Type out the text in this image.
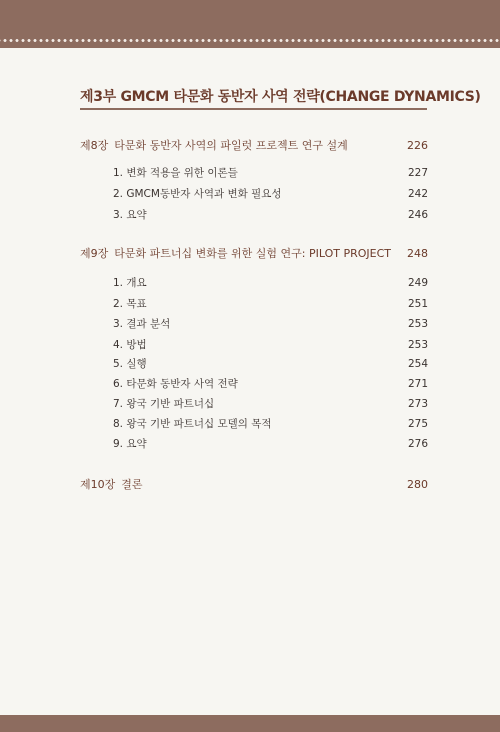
제3부 GMCM 타문화 동반자 사역 전략(CHANGE DYNAMICS)
제8장 타문화 동반자 사역의 파일럿 프로젝트 연구 설계	226
1. 변화 적용을 위한 이론들	227
2. GMCM동반자 사역과 변화 필요성	242
3. 요약	246
제9장 타문화 파트너십 변화를 위한 실험 연구: PILOT PROJECT 248
1. 개요	249
2. 목표	251
3. 결과 분석	253
4. 방법	253
5. 실행	254
6. 타문화 동반자 사역 전략	271
7. 왕국 기반 파트너십	273
8. 왕국 기반 파트너십 모델의 목적	275
9. 요약	276
제10장 결론	280
